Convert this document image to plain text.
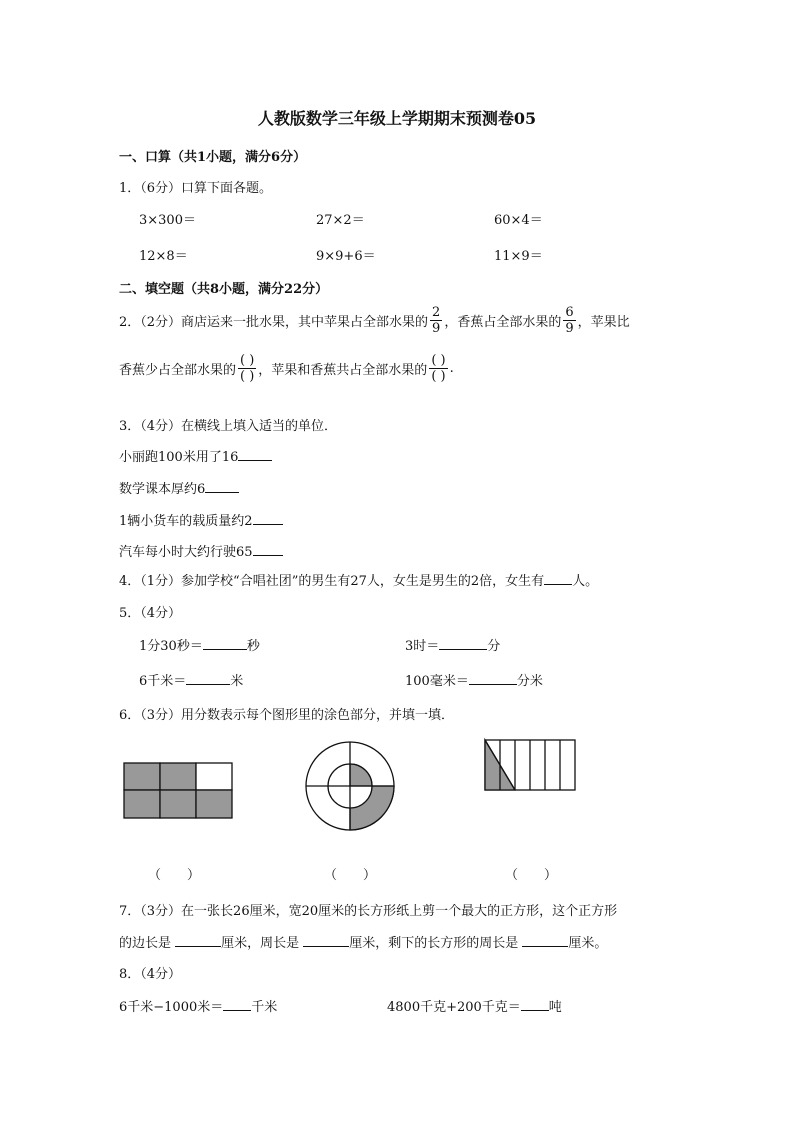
人教版数学三年级上学期期末预测卷05
一、口算（共1小题，满分6分）
1．（6分）口算下面各题。
3×300＝	27×2＝	60×4＝
12×8＝	9×9+6＝	11×9＝
二、填空题（共8小题，满分22分）
2．（2分）商店运来一批水果，其中苹果占全部水果的 $\frac{2}{9}$ ，香蕉占全部水果的 $\frac{6}{9}$ ，苹果比
香蕉少占全部水果的 $\frac{( )}{( )}$ ，苹果和香蕉共占全部水果的 $\frac{( )}{( )}$ .
3．（4分）在横线上填入适当的单位．
小丽跑100米用了16
数学课本厚约6
1辆小货车的载质量约2
汽车每小时大约行驶65
4．（1分）参加学校“合唱社团”的男生有27人，女生是男生的2倍，女生有 人。
5．（4分）
1分30秒＝	秒	3时＝	分
6千米＝	米	100毫米＝	分米
6．（3分）用分数表示每个图形里的涂色部分，并填一填．
（　　）	（　　）	（　　）
7．（3分）在一张长26厘米，宽20厘米的长方形纸上剪一个最大的正方形，这个正方形
的边长是	厘米，周长是	厘米，剩下的长方形的周长是	厘米。
8．（4分）
6千米−1000米＝ 千米	4800千克+200千克＝ 吨
